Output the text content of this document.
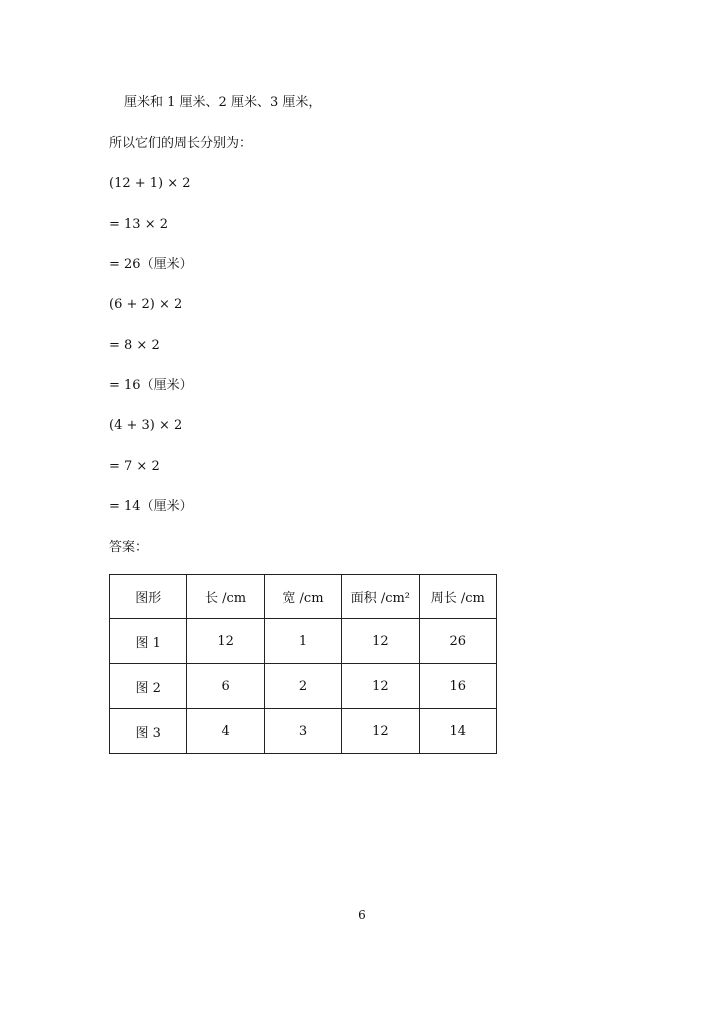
厘米和 1 厘米、2 厘米、3 厘米，
所以它们的周长分别为：
(12 + 1) × 2
= 13 × 2
= 26（厘米）
(6 + 2) × 2
= 8 × 2
= 16（厘米）
(4 + 3) × 2
= 7 × 2
= 14（厘米）
答案：
图形	长 /cm	宽 /cm	面积 /cm²	周长 /cm
图 1	12	1	12	26
图 2	6	2	12	16
图 3	4	3	12	14
6
